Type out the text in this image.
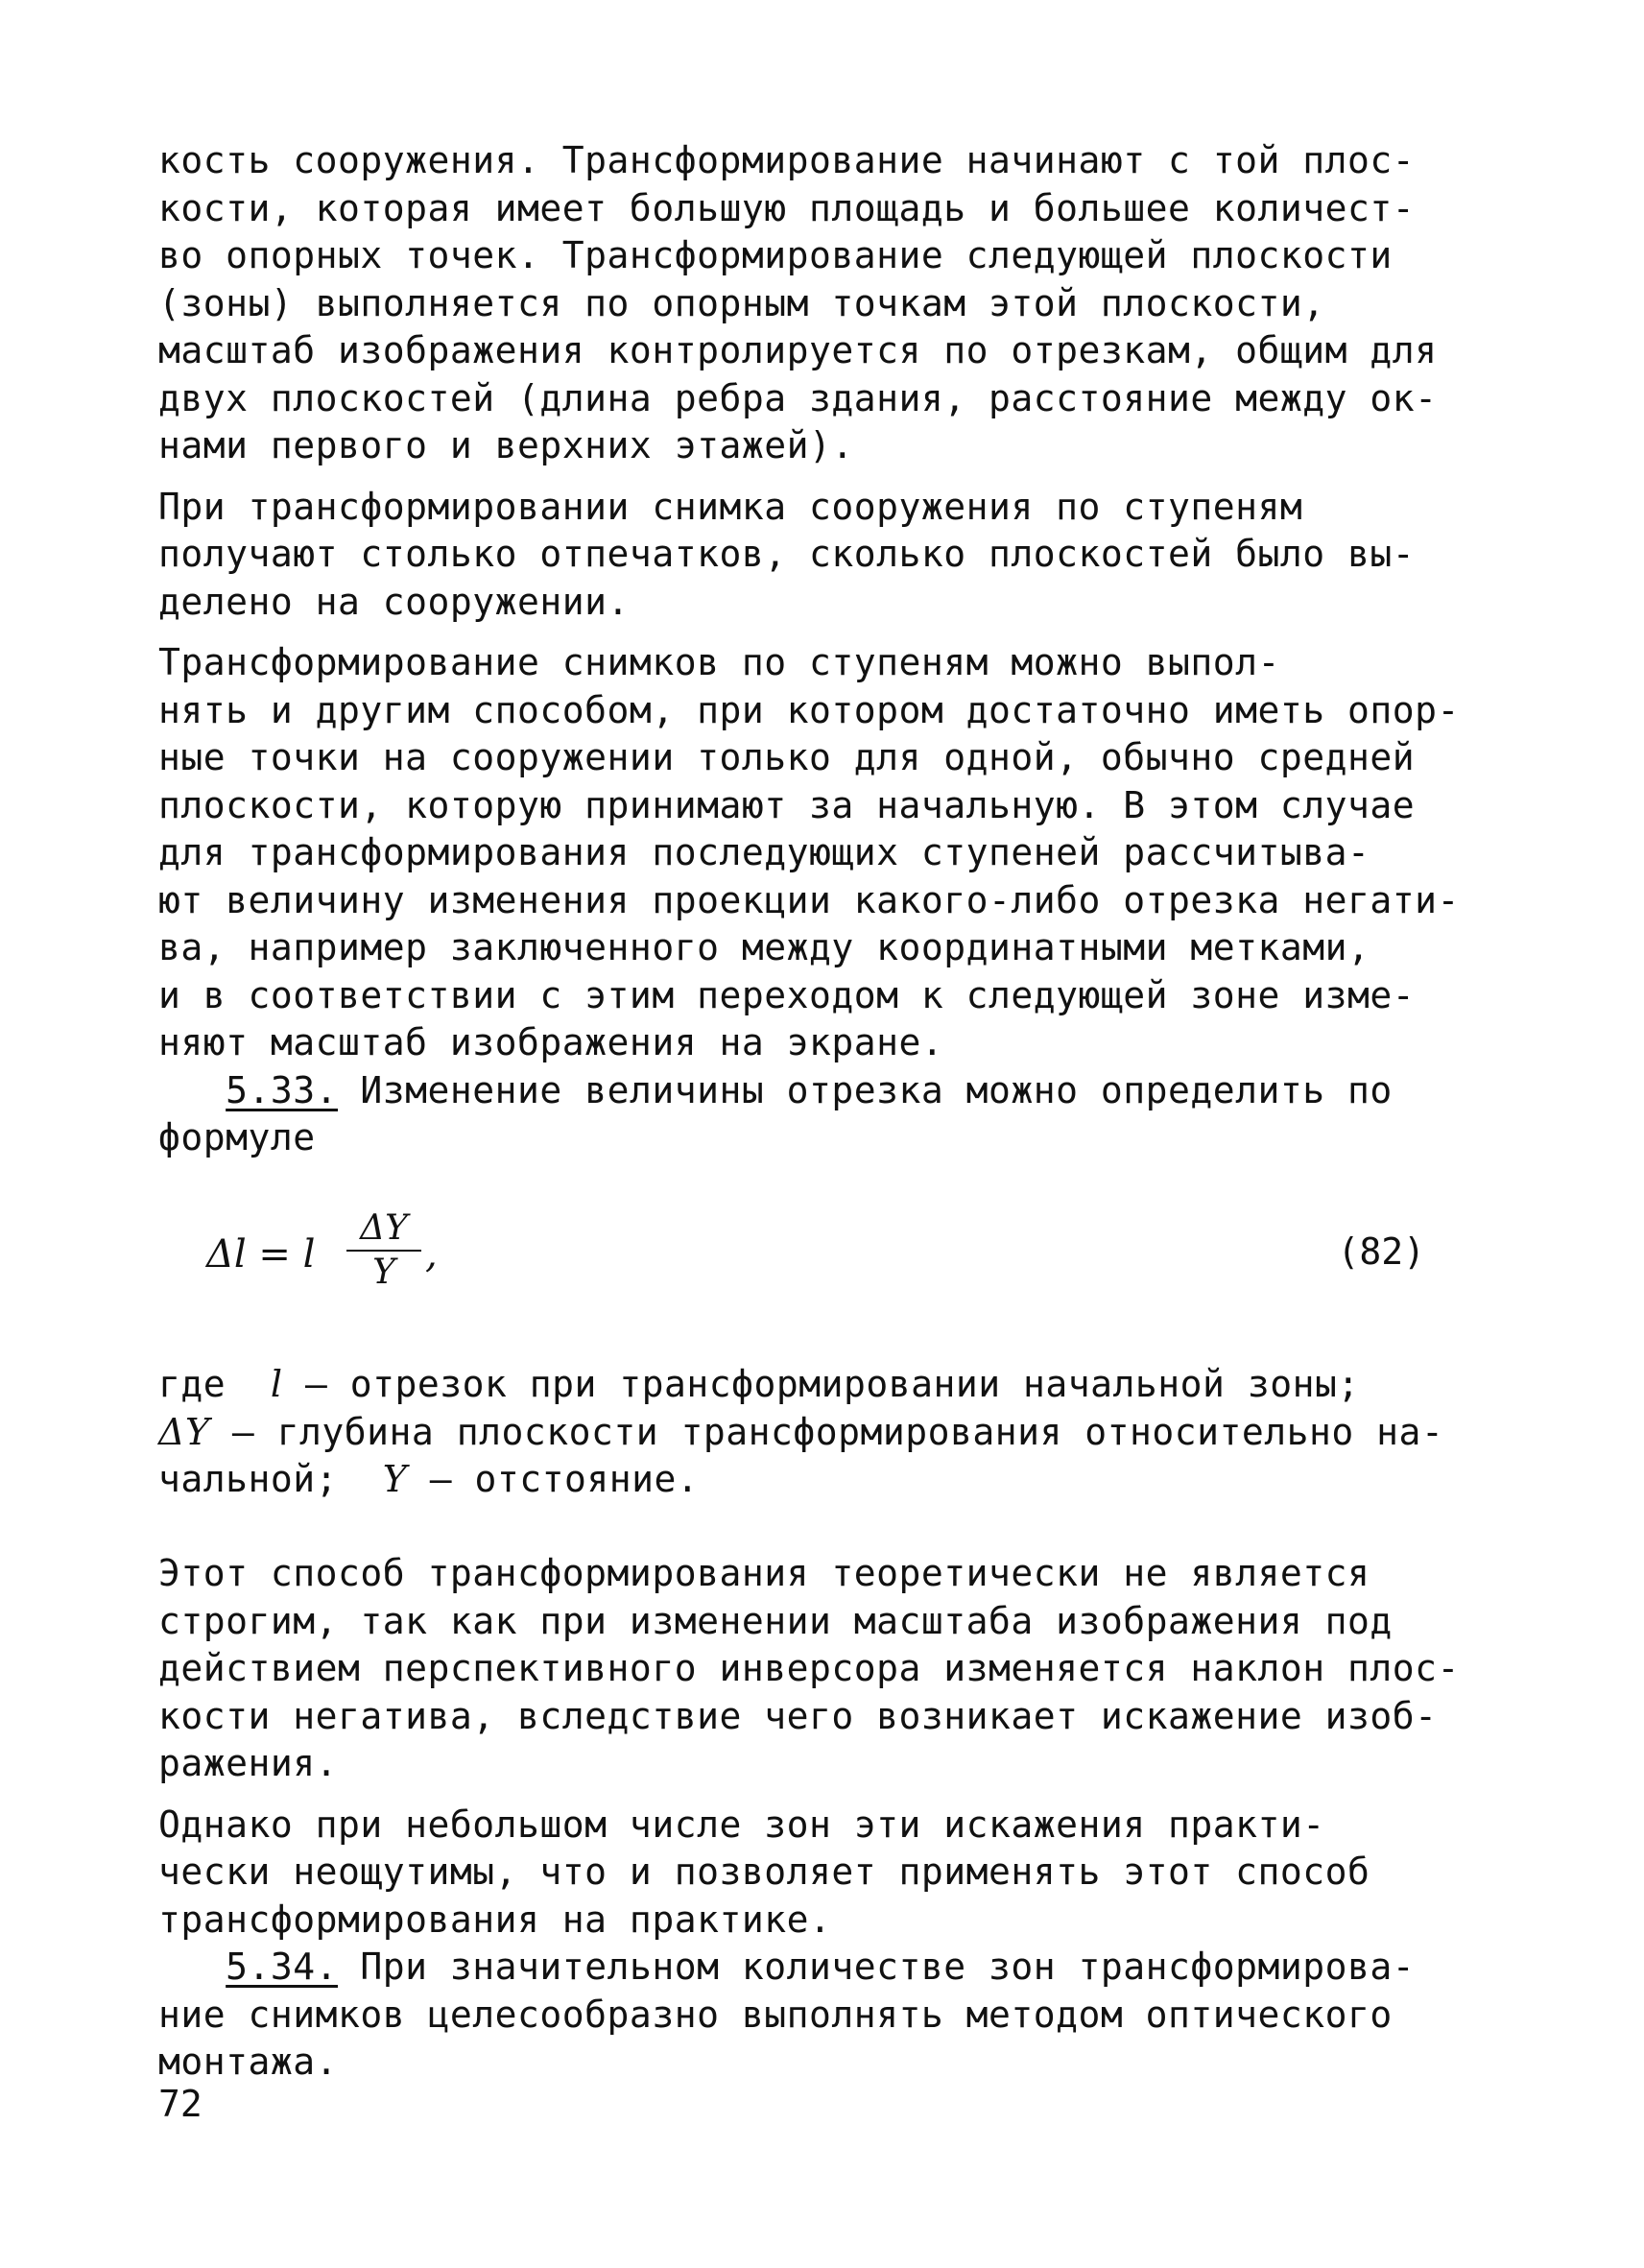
кость сооружения. Трансформирование начинают с той плос-
кости, которая имеет большую площадь и большее количест-
во опорных точек. Трансформирование следующей плоскости
(зоны) выполняется по опорным точкам этой плоскости,
масштаб изображения контролируется по отрезкам, общим для
двух плоскостей (длина ребра здания, расстояние между ок-
нами первого и верхних этажей).
При трансформировании снимка сооружения по ступеням
получают столько отпечатков, сколько плоскостей было вы-
делено на сооружении.
Трансформирование снимков по ступеням можно выпол-
нять и другим способом, при котором достаточно иметь опор-
ные точки на сооружении только для одной, обычно средней
плоскости, которую принимают за начальную. В этом случае
для трансформирования последующих ступеней рассчитыва-
ют величину изменения проекции какого-либо отрезка негати-
ва, например заключенного между координатными метками,
и в соответствии с этим переходом к следующей зоне изме-
няют масштаб изображения на экране.
5.33. Изменение величины отрезка можно определить по
формуле
Δl = l
ΔY
Y ,	(82)
где l – отрезок при трансформировании начальной зоны;
ΔY – глубина плоскости трансформирования относительно на-
чальной; Y – отстояние.
Этот способ трансформирования теоретически не является
строгим, так как при изменении масштаба изображения под
действием перспективного инверсора изменяется наклон плос-
кости негатива, вследствие чего возникает искажение изоб-
ражения.
Однако при небольшом числе зон эти искажения практи-
чески неощутимы, что и позволяет применять этот способ
трансформирования на практике.
5.34. При значительном количестве зон трансформирова-
ние снимков целесообразно выполнять методом оптического
монтажа.
72
